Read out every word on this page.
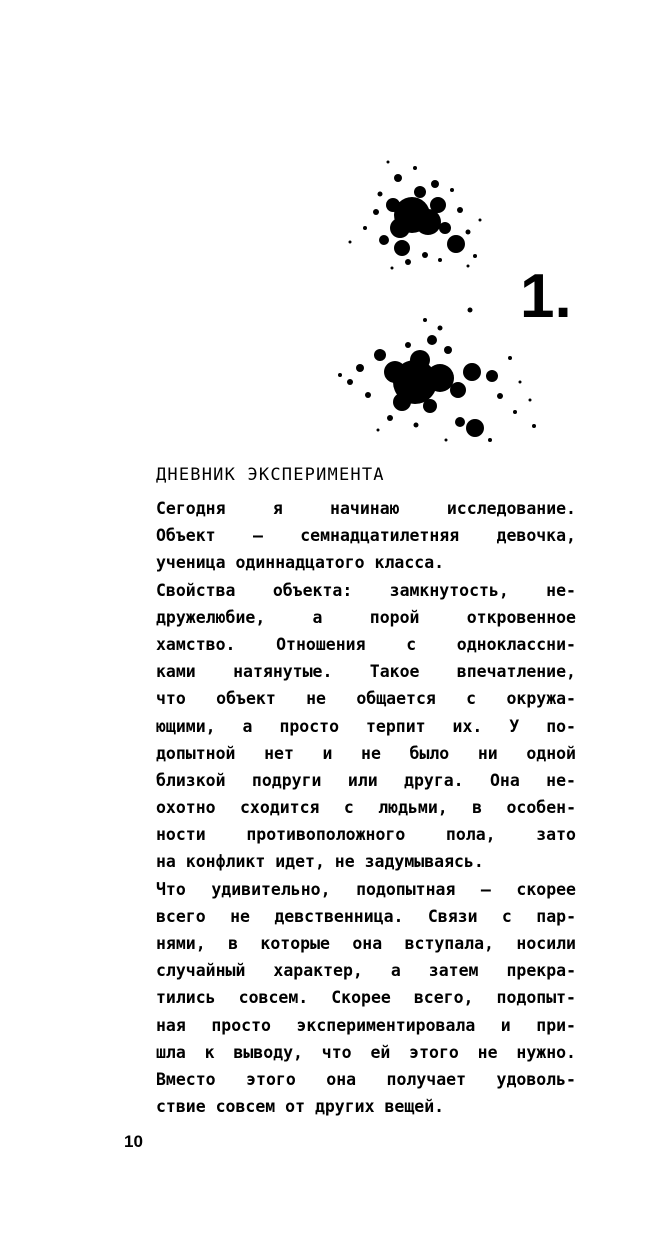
1.
ДНЕВНИК ЭКСПЕРИМЕНТА
Сегодня я начинаю исследование.
Объект — семнадцатилетняя девочка,
ученица одиннадцатого класса.
Свойства объекта: замкнутость, не-
дружелюбие, а порой откровенное
хамство. Отношения с одноклассни-
ками натянутые. Такое впечатление,
что объект не общается с окружа-
ющими, а просто терпит их. У по-
допытной нет и не было ни одной
близкой подруги или друга. Она не-
охотно сходится с людьми, в особен-
ности противоположного пола, зато
на конфликт идет, не задумываясь.
Что удивительно, подопытная — скорее
всего не девственница. Связи с пар-
нями, в которые она вступала, носили
случайный характер, а затем прекра-
тились совсем. Скорее всего, подопыт-
ная просто экспериментировала и при-
шла к выводу, что ей этого не нужно.
Вместо этого она получает удоволь-
ствие совсем от других вещей.
10
